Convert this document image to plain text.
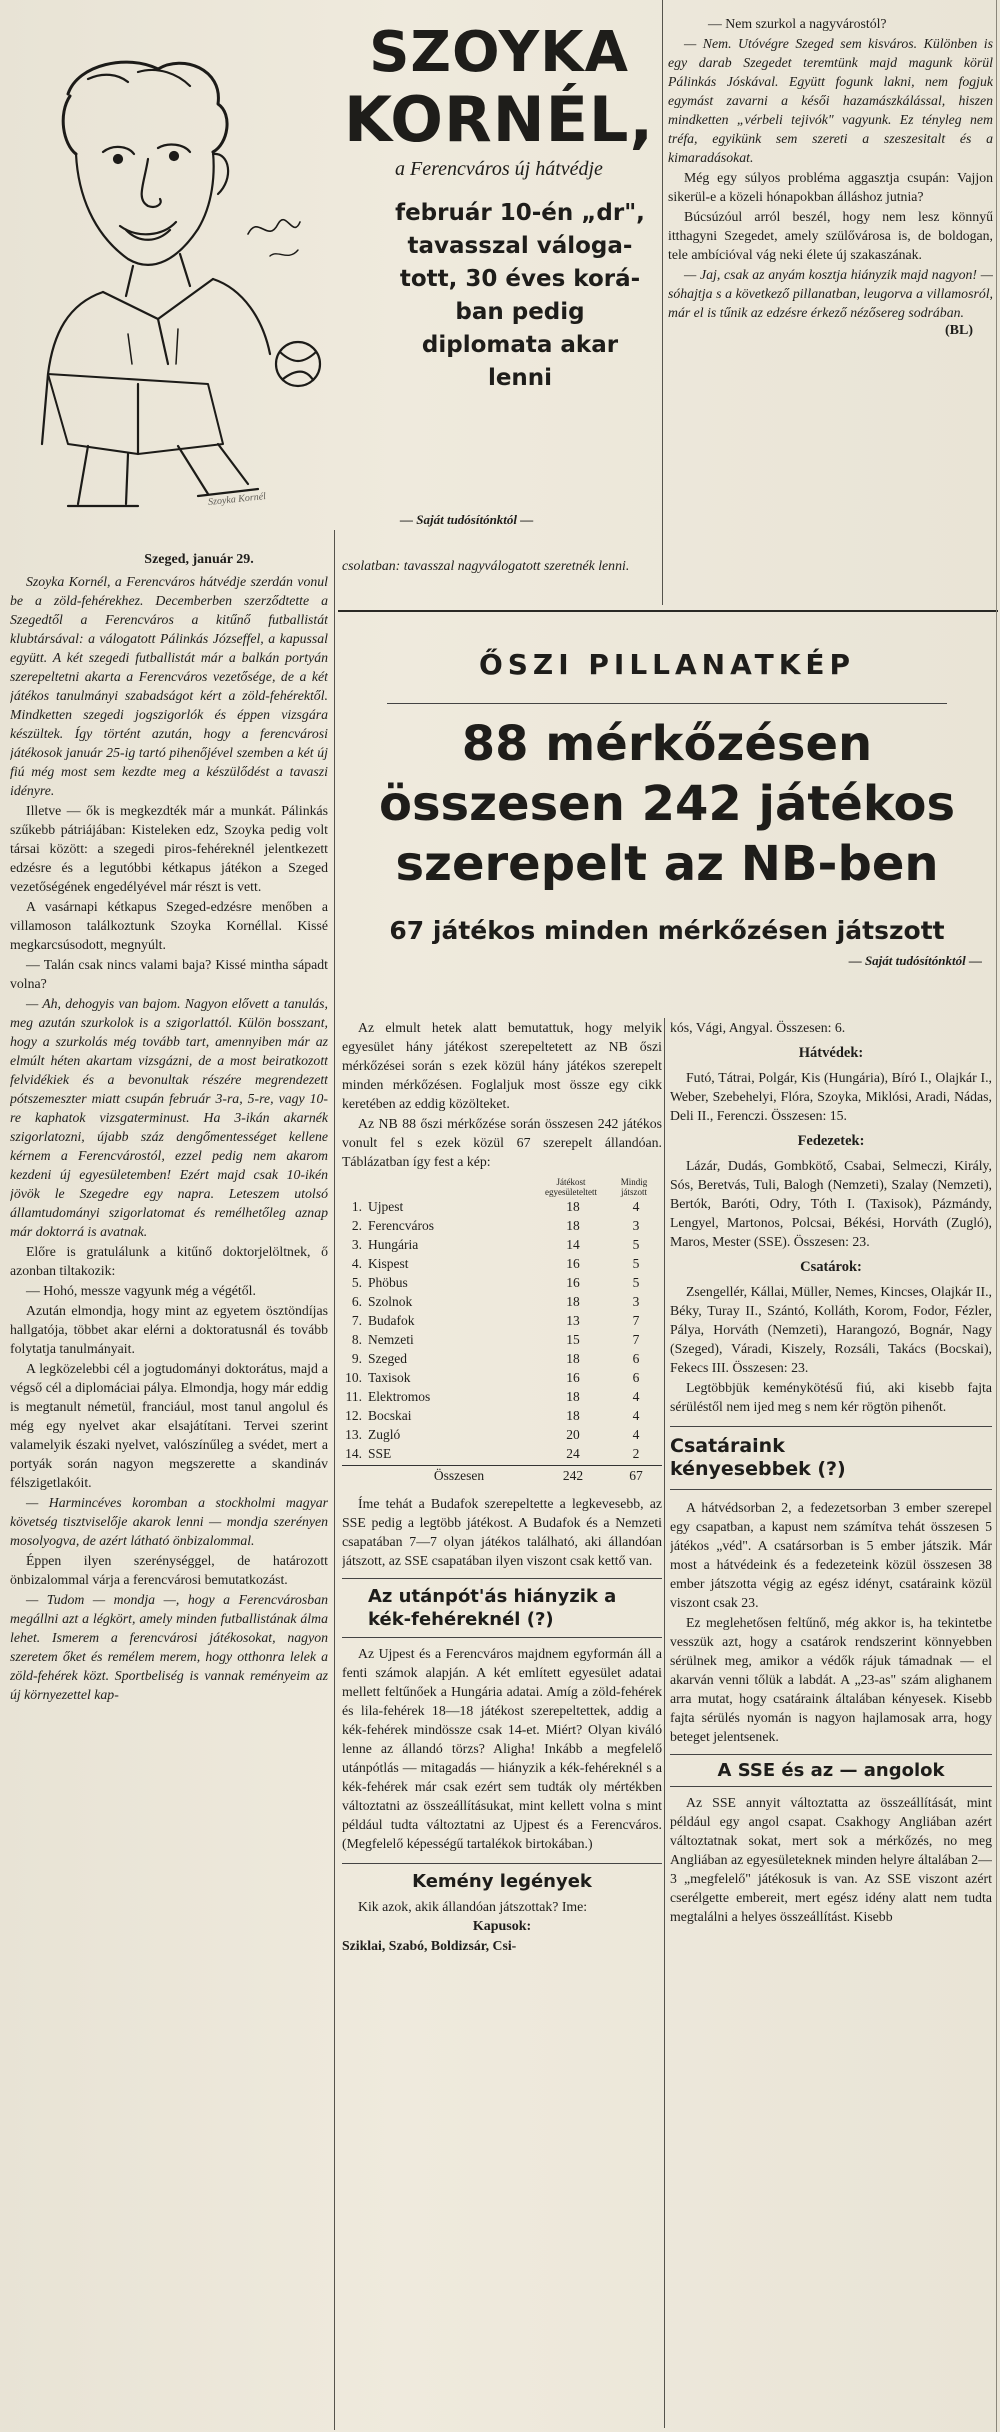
Szoyka Kornél
SZOYKA
KORNÉL,
a Ferencváros új hátvédje
február 10-én „dr",
tavasszal váloga-
tott, 30 éves korá-
ban pedig
diplomata akar
lenni
— Saját tudósítónktól —
Szeged, január 29.

Szoyka Kornél, a Ferencváros hátvédje szerdán vonul be a zöld-fehérekhez. Decemberben szerződtette a Szegedtől a Ferencváros a kitűnő futballistát klubtársával: a válogatott Pálinkás Józseffel, a kapussal együtt. A két szegedi futballistát már a balkán portyán szerepeltetni akarta a Ferencváros vezetősége, de a két játékos tanulmányi szabadságot kért a zöld-fehérektől. Mindketten szegedi jogszigorlók és éppen vizsgára készültek. Így történt azután, hogy a ferencvárosi játékosok január 25-ig tartó pihenőjével szemben a két új fiú még most sem kezdte meg a készülődést a tavaszi idényre.

Illetve — ők is megkezdték már a munkát. Pálinkás szűkebb pátriájában: Kisteleken edz, Szoyka pedig volt társai között: a szegedi piros-fehéreknél jelentkezett edzésre és a legutóbbi kétkapus játékon a Szeged vezetőségének engedélyével már részt is vett.

A vasárnapi kétkapus Szeged-edzésre menőben a villamoson találkoztunk Szoyka Kornéllal. Kissé megkarcsúsodott, megnyúlt.

— Talán csak nincs valami baja? Kissé mintha sápadt volna?

— Ah, dehogyis van bajom. Nagyon elővett a tanulás, meg azután szurkolok is a szigorlattól. Külön bosszant, hogy a szurkolás még tovább tart, amennyiben már az elmúlt héten akartam vizsgázni, de a most beiratkozott felvidékiek és a bevonultak részére megrendezett pótszemeszter miatt csupán február 3-ra, 5-re, vagy 10-re kaphatok vizsgaterminust. Ha 3-ikán akarnék szigorlatozni, újabb száz dengőmentességet kellene kérnem a Ferencvárostól, ezzel pedig nem akarom kezdeni új egyesületemben! Ezért majd csak 10-ikén jövök le Szegedre egy napra. Leteszem utolsó államtudományi szigorlatomat és remélhetőleg aznap már doktorrá is avatnak.

Előre is gratulálunk a kitűnő doktorjelöltnek, ő azonban tiltakozik:

— Hohó, messze vagyunk még a végétől.

Azután elmondja, hogy mint az egyetem ösztöndíjas hallgatója, többet akar elérni a doktoratusnál és tovább folytatja tanulmányait.

A legközelebbi cél a jogtudományi doktorátus, majd a végső cél a diplomáciai pálya. Elmondja, hogy már eddig is megtanult németül, franciául, most tanul angolul és még egy nyelvet akar elsajátítani. Tervei szerint valamelyik északi nyelvet, valószínűleg a svédet, mert a portyák során nagyon megszerette a skandináv félszigetlakóit.

— Harmincéves koromban a stockholmi magyar követség tisztviselője akarok lenni — mondja szerényen mosolyogva, de azért látható önbizalommal.

Éppen ilyen szerénységgel, de határozott önbizalommal várja a ferencvárosi bemutatkozást.

— Tudom — mondja —, hogy a Ferencvárosban megállni azt a légkört, amely minden futballistának álma lehet. Ismerem a ferencvárosi játékosokat, nagyon szeretem őket és remélem merem, hogy otthonra lelek a zöld-fehérek közt. Sportbeliség is vannak reményeim az új környezettel kap-

csolatban: tavasszal nagyválogatott szeretnék lenni.

— Nem szurkol a nagyvárostól?

— Nem. Utóvégre Szeged sem kisváros. Különben is egy darab Szegedet teremtünk majd magunk körül Pálinkás Jóskával. Együtt fogunk lakni, nem fogjuk egymást zavarni a késői hazamászkálással, hiszen mindketten „vérbeli tejivók" vagyunk. Ez tényleg nem tréfa, egyikünk sem szereti a szeszesitalt és a kimaradásokat.

Még egy súlyos probléma aggasztja csupán: Vajjon sikerül-e a közeli hónapokban álláshoz jutnia?

Búcsúzóul arról beszél, hogy nem lesz könnyű itthagyni Szegedet, amely szülővárosa is, de boldogan, tele ambícióval vág neki élete új szakaszának.

— Jaj, csak az anyám kosztja hiányzik majd nagyon! — sóhajtja s a következő pillanatban, leugorva a villamosról, már el is tűnik az edzésre érkező nézősereg sodrában.

(BL)
ŐSZI PILLANATKÉP
88 mérkőzésen
összesen 242 játékos
szerepelt az NB-ben
67 játékos minden mérkőzésen játszott
— Saját tudósítónktól —

Az elmult hetek alatt bemutattuk, hogy melyik egyesület hány játékost szerepeltetett az NB őszi mérkőzései során s ezek közül hány játékos szerepelt minden mérkőzésen. Foglaljuk most össze egy cikk keretében az eddig közölteket.

Az NB 88 őszi mérkőzése során összesen 242 játékos vonult fel s ezek közül 67 szerepelt állandóan. Táblázatban így fest a kép:

Játékost egyesületeltett
Mindig játszott
1.	Ujpest	18	4
2.	Ferencváros	18	3
3.	Hungária	14	5
4.	Kispest	16	5
5.	Phöbus	16	5
6.	Szolnok	18	3
7.	Budafok	13	7
8.	Nemzeti	15	7
9.	Szeged	18	6
10.	Taxisok	16	6
11.	Elektromos	18	4
12.	Bocskai	18	4
13.	Zugló	20	4
14.	SSE	24	2
Összesen	242	67

Íme tehát a Budafok szerepeltette a legkevesebb, az SSE pedig a legtöbb játékost. A Budafok és a Nemzeti csapatában 7—7 olyan játékos található, aki állandóan játszott, az SSE csapatában ilyen viszont csak kettő van.

Az utánpót'ás hiányzik a kék-fehéreknél (?)

Az Ujpest és a Ferencváros majdnem egyformán áll a fenti számok alapján. A két említett egyesület adatai mellett feltűnőek a Hungária adatai. Amíg a zöld-fehérek és lila-fehérek 18—18 játékost szerepeltettek, addig a kék-fehérek mindössze csak 14-et. Miért? Olyan kiváló lenne az állandó törzs? Aligha! Inkább a megfelelő utánpótlás — mitagadás — hiányzik a kék-fehéreknél s a kék-fehérek már csak ezért sem tudták oly mértékben változtatni az összeállításukat, mint kellett volna s mint például tudta változtatni az Ujpest és a Ferencváros. (Megfelelő képességű tartalékok birtokában.)

Kemény legények

Kik azok, akik állandóan játszottak? Ime:

Kapusok:

Sziklai, Szabó, Boldizsár, Csi-

kós, Vági, Angyal. Összesen: 6.

Hátvédek:

Futó, Tátrai, Polgár, Kis (Hungária), Bíró I., Olajkár I., Weber, Szebehelyi, Flóra, Szoyka, Miklósi, Aradi, Nádas, Deli II., Ferenczi. Összesen: 15.

Fedezetek:

Lázár, Dudás, Gombkötő, Csabai, Selmeczi, Király, Sós, Beretvás, Tuli, Balogh (Nemzeti), Szalay (Nemzeti), Bertók, Baróti, Odry, Tóth I. (Taxisok), Pázmándy, Lengyel, Martonos, Polcsai, Békési, Horváth (Zugló), Maros, Mester (SSE). Összesen: 23.

Csatárok:

Zsengellér, Kállai, Müller, Nemes, Kincses, Olajkár II., Béky, Turay II., Szántó, Kolláth, Korom, Fodor, Fézler, Pálya, Horváth (Nemzeti), Harangozó, Bognár, Nagy (Szeged), Váradi, Kiszely, Rozsáli, Takács (Bocskai), Fekecs III. Összesen: 23.

Legtöbbjük keménykötésű fiú, aki kisebb fajta sérüléstől nem ijed meg s nem kér rögtön pihenőt.

Csatáraink kényesebbek (?)

A hátvédsorban 2, a fedezetsorban 3 ember szerepel egy csapatban, a kapust nem számítva tehát összesen 5 játékos „véd". A csatársorban is 5 ember játszik. Már most a hátvédeink és a fedezeteink közül összesen 38 ember játszotta végig az egész idényt, csatáraink közül viszont csak 23.

Ez meglehetősen feltűnő, még akkor is, ha tekintetbe vesszük azt, hogy a csatárok rendszerint könnyebben sérülnek meg, amikor a védők rájuk támadnak — el akarván venni tőlük a labdát. A „23-as" szám alighanem arra mutat, hogy csatáraink általában kényesek. Kisebb fajta sérülés nyomán is nagyon hajlamosak arra, hogy beteget jelentsenek.

A SSE és az — angolok

Az SSE annyit változtatta az összeállítását, mint például egy angol csapat. Csakhogy Angliában azért változtatnak sokat, mert sok a mérkőzés, no meg Angliában az egyesületeknek minden helyre általában 2—3 „megfelelő" játékosuk is van. Az SSE viszont azért cserélgette embereit, mert egész idény alatt nem tudta megtalálni a helyes összeállítást. Kisebb
